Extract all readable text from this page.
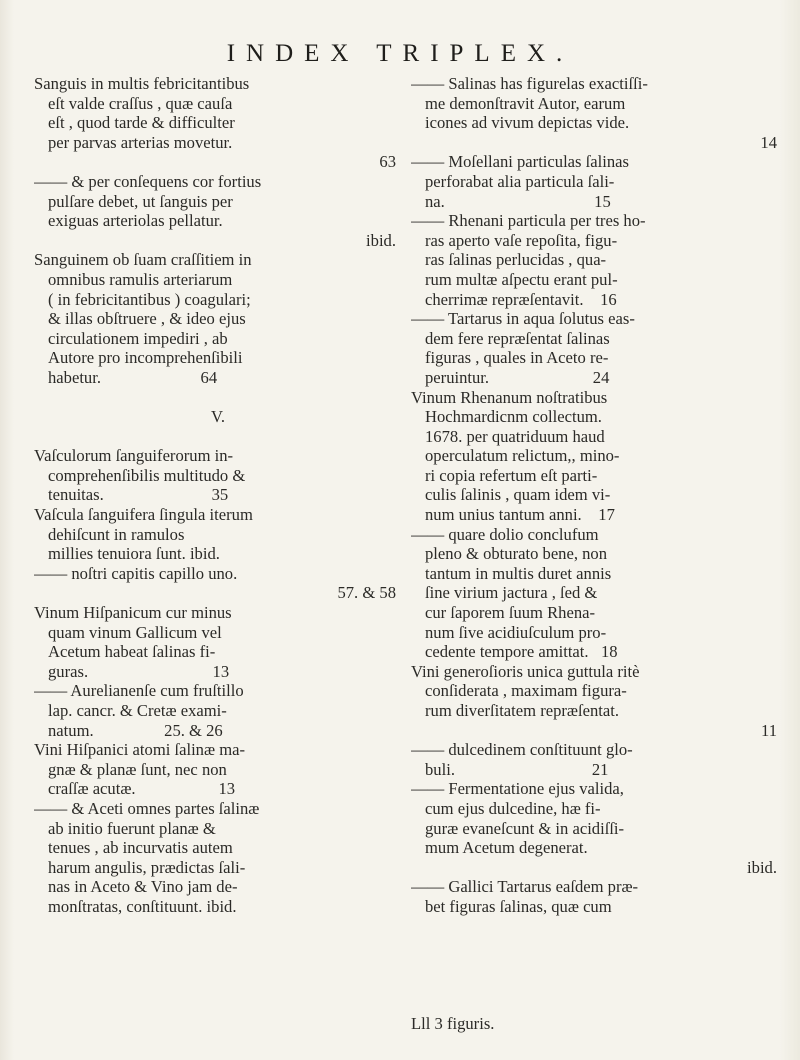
INDEX TRIPLEX.
Sanguis in multis febricitantibus
eſt valde craſſus , quæ cauſa
eſt , quod tarde & difficulter
per parvas arterias movetur.
63
—— & per conſequens cor fortius
pulſare debet, ut ſanguis per
exiguas arteriolas pellatur.
ibid.
Sanguinem ob ſuam craſſitiem in
omnibus ramulis arteriarum
( in febricitantibus ) coagulari;
& illas obſtruere , & ideo ejus
circulationem impediri , ab
Autore pro incomprehenſibili
habetur.                        64
V.
Vaſculorum ſanguiferorum in-
comprehenſibilis multitudo &
tenuitas.                          35
Vaſcula ſanguifera ſingula iterum
dehiſcunt in ramulos
millies tenuiora ſunt. ibid.
—— noſtri capitis capillo uno.
57. & 58
Vinum Hiſpanicum cur minus
quam vinum Gallicum vel
Acetum habeat ſalinas fi-
guras.                              13
—— Aurelianenſe cum fruſtillo
lap. cancr. & Cretæ exami-
natum.                 25. & 26
Vini Hiſpanici atomi ſalinæ ma-
gnæ & planæ ſunt, nec non
craſſæ acutæ.                    13
—— & Aceti omnes partes ſalinæ
ab initio fuerunt planæ &
tenues , ab incurvatis autem
harum angulis, prædictas ſali-
nas in Aceto & Vino jam de-
monſtratas, conſtituunt. ibid.
—— Salinas has figurelas exactiſſi-
me demonſtravit Autor, earum
icones ad vivum depictas vide.
14
—— Moſellani particulas ſalinas
perforabat alia particula ſali-
na.                                    15
—— Rhenani particula per tres ho-
ras aperto vaſe repoſita, figu-
ras ſalinas perlucidas , qua-
rum multæ aſpectu erant pul-
cherrimæ repræſentavit.    16
—— Tartarus in aqua ſolutus eas-
dem fere repræſentat ſalinas
figuras , quales in Aceto re-
peruintur.                         24
Vinum Rhenanum noſtratibus
Hochmardicnm collectum.
1678. per quatriduum haud
operculatum relictum,, mino-
ri copia refertum eſt parti-
culis ſalinis , quam idem vi-
num unius tantum anni.    17
—— quare dolio conclufum
pleno & obturato bene, non
tantum in multis duret annis
ſine virium jactura , ſed &
cur ſaporem ſuum Rhena-
num ſive acidiuſculum pro-
cedente tempore amittat.   18
Vini generoſioris unica guttula ritè
conſiderata , maximam figura-
rum diverſitatem repræſentat.
11
—— dulcedinem conſtituunt glo-
buli.                                 21
—— Fermentatione ejus valida,
cum ejus dulcedine, hæ fi-
guræ evaneſcunt & in acidiſſi-
mum Acetum degenerat.
ibid.
—— Gallici Tartarus eaſdem præ-
bet figuras ſalinas, quæ cum
Lll 3 figuris.
